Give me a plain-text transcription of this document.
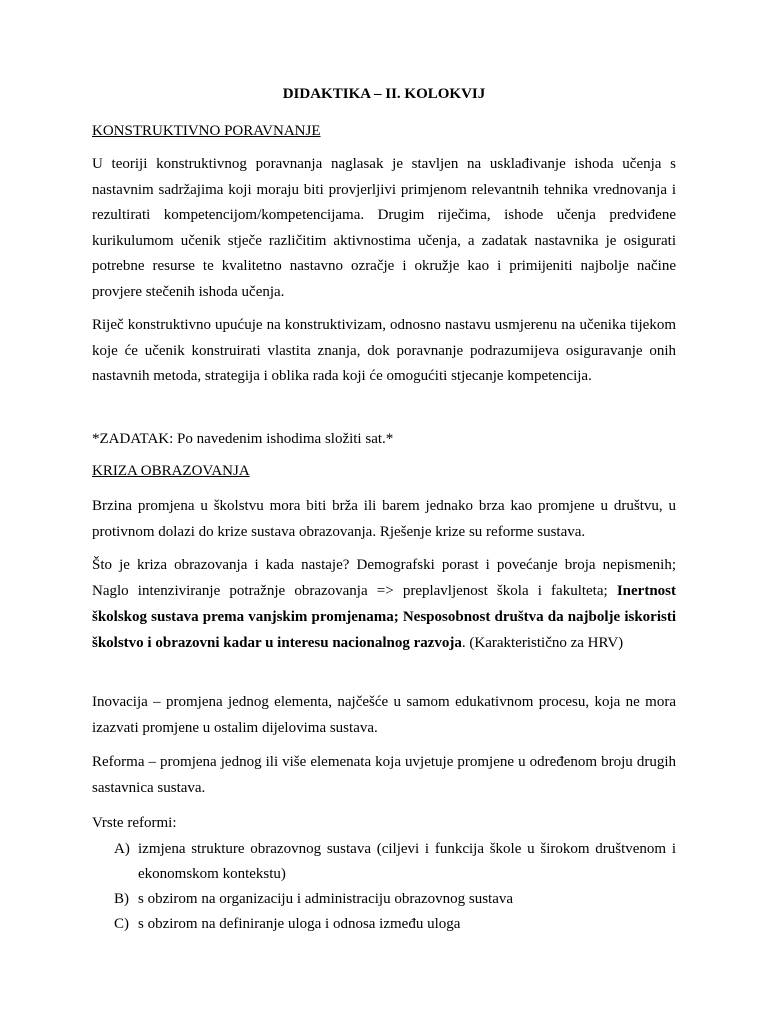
DIDAKTIKA – II. KOLOKVIJ
KONSTRUKTIVNO PORAVNANJE

U teoriji konstruktivnog poravnanja naglasak je stavljen na usklađivanje ishoda učenja s nastavnim sadržajima koji moraju biti provjerljivi primjenom relevantnih tehnika vrednovanja i rezultirati kompetencijom/kompetencijama. Drugim riječima, ishode učenja predviđene kurikulumom učenik stječe različitim aktivnostima učenja, a zadatak nastavnika je osigurati potrebne resurse te kvalitetno nastavno ozračje i okružje kao i primijeniti najbolje načine provjere stečenih ishoda učenja.

Riječ konstruktivno upućuje na konstruktivizam, odnosno nastavu usmjerenu na učenika tijekom koje će učenik konstruirati vlastita znanja, dok poravnanje podrazumijeva osiguravanje onih nastavnih metoda, strategija i oblika rada koji će omogućiti stjecanje kompetencija.

*ZADATAK: Po navedenim ishodima složiti sat.*

KRIZA OBRAZOVANJA

Brzina promjena u školstvu mora biti brža ili barem jednako brza kao promjene u društvu, u protivnom dolazi do krize sustava obrazovanja. Rješenje krize su reforme sustava.

Što je kriza obrazovanja i kada nastaje? Demografski porast i povećanje broja nepismenih; Naglo intenziviranje potražnje obrazovanja => preplavljenost škola i fakulteta; Inertnost školskog sustava prema vanjskim promjenama; Nesposobnost društva da najbolje iskoristi školstvo i obrazovni kadar u interesu nacionalnog razvoja. (Karakteristično za HRV)

Inovacija – promjena jednog elementa, najčešće u samom edukativnom procesu, koja ne mora izazvati promjene u ostalim dijelovima sustava.

Reforma – promjena jednog ili više elemenata koja uvjetuje promjene u određenom broju drugih sastavnica sustava.

Vrste reformi:

A) izmjena strukture obrazovnog sustava (ciljevi i funkcija škole u širokom društvenom i ekonomskom kontekstu)
B) s obzirom na organizaciju i administraciju obrazovnog sustava
C) s obzirom na definiranje uloga i odnosa između uloga
